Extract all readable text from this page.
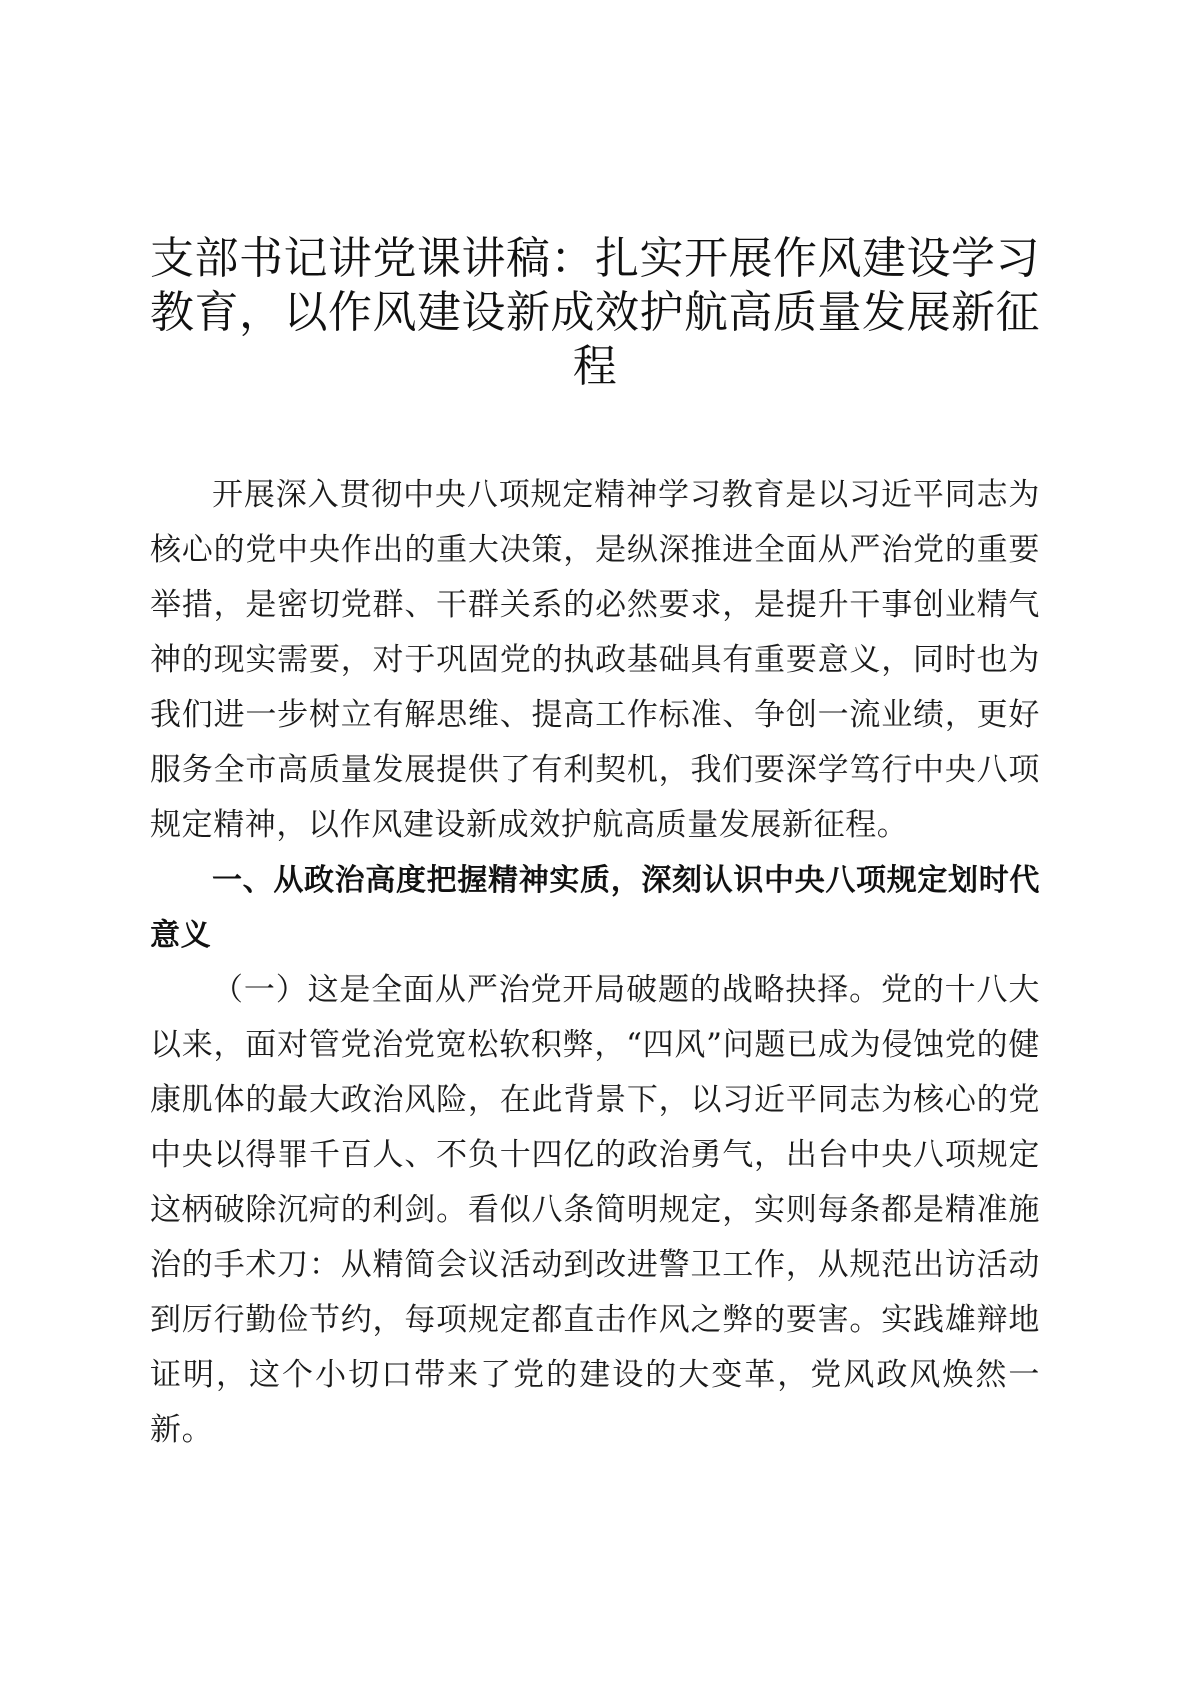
支部书记讲党课讲稿：扎实开展作风建设学习教育，以作风建设新成效护航高质量发展新征程

开展深入贯彻中央八项规定精神学习教育是以习近平同志为核心的党中央作出的重大决策，是纵深推进全面从严治党的重要举措，是密切党群、干群关系的必然要求，是提升干事创业精气神的现实需要，对于巩固党的执政基础具有重要意义，同时也为我们进一步树立有解思维、提高工作标准、争创一流业绩，更好服务全市高质量发展提供了有利契机，我们要深学笃行中央八项规定精神，以作风建设新成效护航高质量发展新征程。

一、从政治高度把握精神实质，深刻认识中央八项规定划时代意义

（一）这是全面从严治党开局破题的战略抉择。党的十八大以来，面对管党治党宽松软积弊，“四风”问题已成为侵蚀党的健康肌体的最大政治风险，在此背景下，以习近平同志为核心的党中央以得罪千百人、不负十四亿的政治勇气，出台中央八项规定这柄破除沉疴的利剑。看似八条简明规定，实则每条都是精准施治的手术刀：从精简会议活动到改进警卫工作，从规范出访活动到厉行勤俭节约，每项规定都直击作风之弊的要害。实践雄辩地证明，这个小切口带来了党的建设的大变革，党风政风焕然一新。
